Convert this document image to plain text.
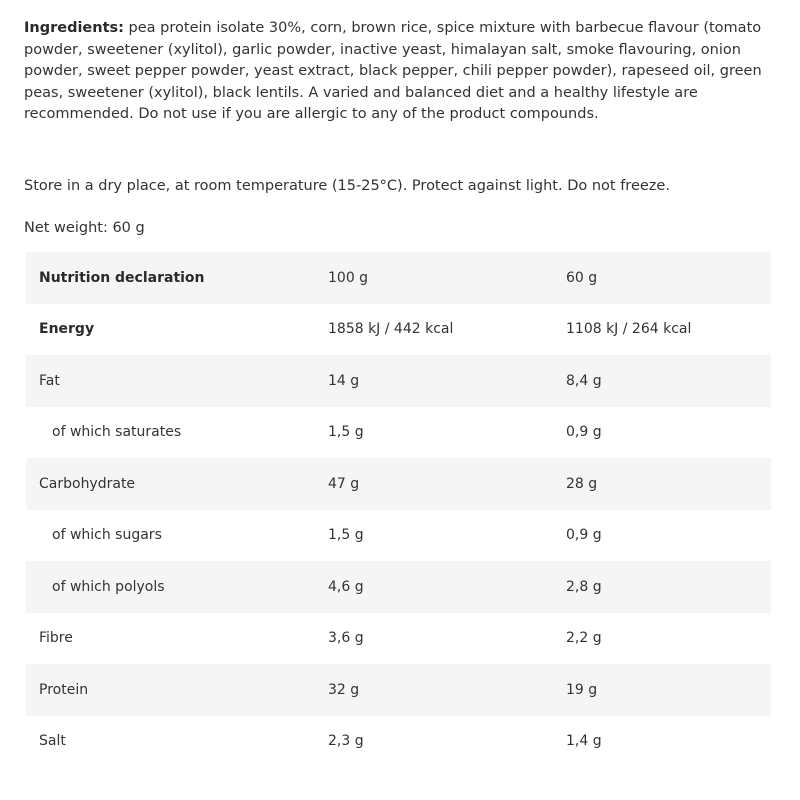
Ingredients: pea protein isolate 30%, corn, brown rice, spice mixture with barbecue flavour (tomato powder, sweetener (xylitol), garlic powder, inactive yeast, himalayan salt, smoke flavouring, onion powder, sweet pepper powder, yeast extract, black pepper, chili pepper powder), rapeseed oil, green peas, sweetener (xylitol), black lentils. A varied and balanced diet and a healthy lifestyle are recommended. Do not use if you are allergic to any of the product compounds.

Store in a dry place, at room temperature (15-25°C). Protect against light. Do not freeze.

Net weight: 60 g

Nutrition declaration	100 g	60 g
Energy	1858 kJ / 442 kcal	1108 kJ / 264 kcal
Fat	14 g	8,4 g
of which saturates	1,5 g	0,9 g
Carbohydrate	47 g	28 g
of which sugars	1,5 g	0,9 g
of which polyols	4,6 g	2,8 g
Fibre	3,6 g	2,2 g
Protein	32 g	19 g
Salt	2,3 g	1,4 g
